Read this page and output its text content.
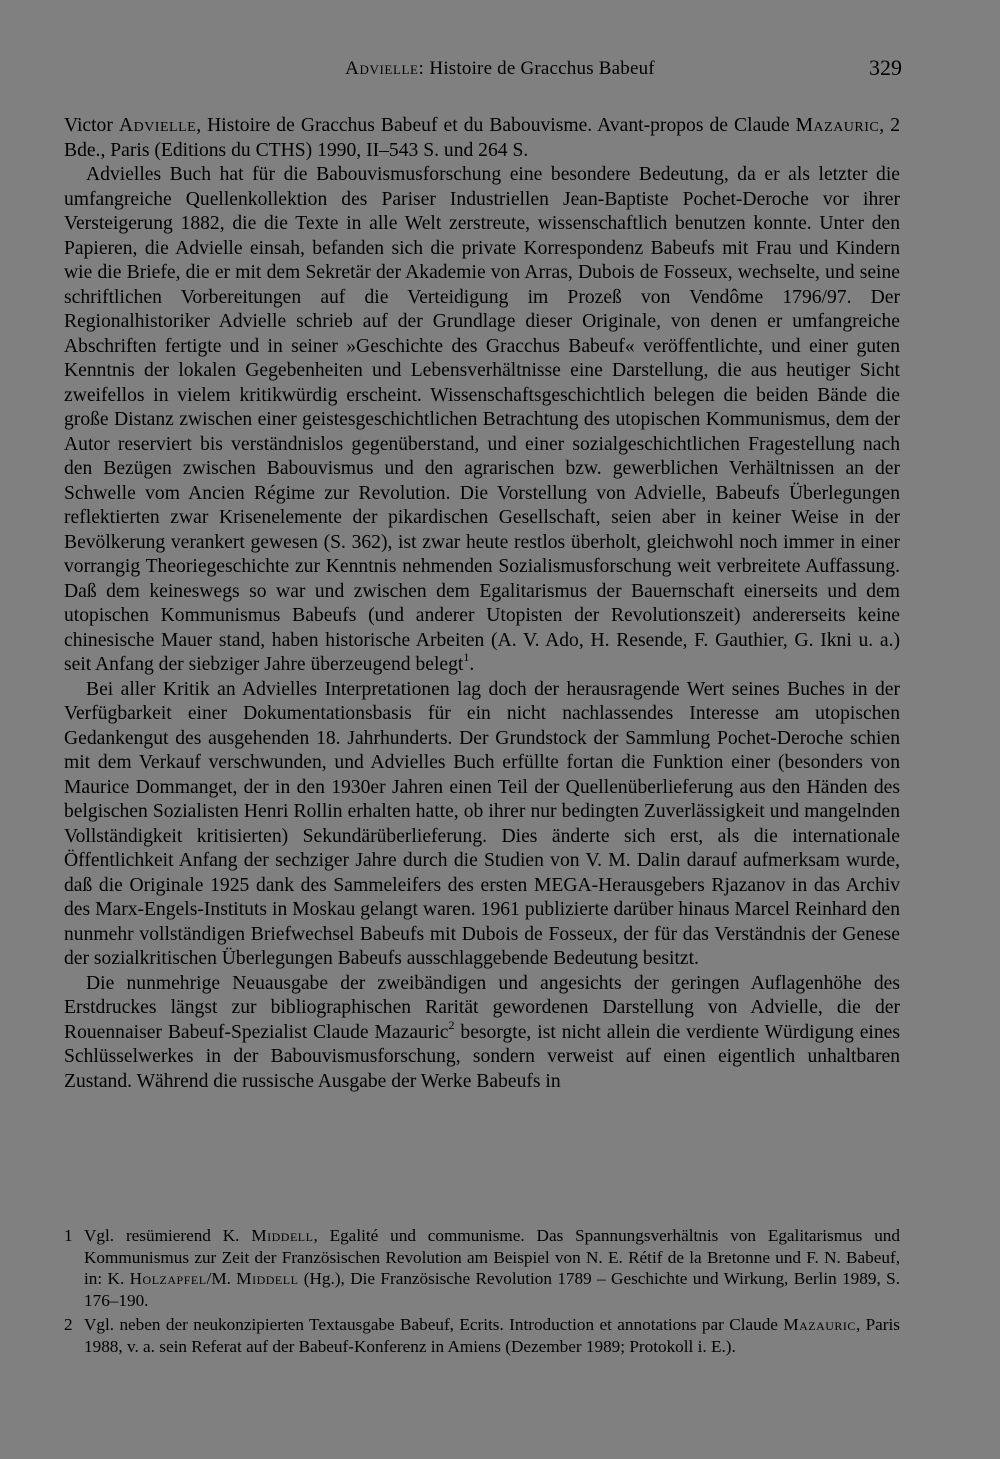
Advielle: Histoire de Gracchus Babeuf	329

Victor Advielle, Histoire de Gracchus Babeuf et du Babouvisme. Avant-propos de Claude Mazauric, 2 Bde., Paris (Editions du CTHS) 1990, II–543 S. und 264 S.

Advielles Buch hat für die Babouvismusforschung eine besondere Bedeutung, da er als letzter die umfangreiche Quellenkollektion des Pariser Industriellen Jean-Baptiste Pochet-Deroche vor ihrer Versteigerung 1882, die die Texte in alle Welt zerstreute, wissenschaftlich benutzen konnte. Unter den Papieren, die Advielle einsah, befanden sich die private Korrespondenz Babeufs mit Frau und Kindern wie die Briefe, die er mit dem Sekretär der Akademie von Arras, Dubois de Fosseux, wechselte, und seine schriftlichen Vorbereitungen auf die Verteidigung im Prozeß von Vendôme 1796/97. Der Regionalhistoriker Advielle schrieb auf der Grundlage dieser Originale, von denen er umfangreiche Abschriften fertigte und in seiner »Geschichte des Gracchus Babeuf« veröffentlichte, und einer guten Kenntnis der lokalen Gegebenheiten und Lebensverhältnisse eine Darstellung, die aus heutiger Sicht zweifellos in vielem kritikwürdig erscheint. Wissenschaftsgeschichtlich belegen die beiden Bände die große Distanz zwischen einer geistesgeschichtlichen Betrachtung des utopischen Kommunismus, dem der Autor reserviert bis verständnislos gegenüberstand, und einer sozialgeschichtlichen Fragestellung nach den Bezügen zwischen Babouvismus und den agrarischen bzw. gewerblichen Verhältnissen an der Schwelle vom Ancien Régime zur Revolution. Die Vorstellung von Advielle, Babeufs Überlegungen reflektierten zwar Krisenelemente der pikardischen Gesellschaft, seien aber in keiner Weise in der Bevölkerung verankert gewesen (S. 362), ist zwar heute restlos überholt, gleichwohl noch immer in einer vorrangig Theoriegeschichte zur Kenntnis nehmenden Sozialismusforschung weit verbreitete Auffassung. Daß dem keineswegs so war und zwischen dem Egalitarismus der Bauernschaft einerseits und dem utopischen Kommunismus Babeufs (und anderer Utopisten der Revolutionszeit) andererseits keine chinesische Mauer stand, haben historische Arbeiten (A. V. Ado, H. Resende, F. Gauthier, G. Ikni u. a.) seit Anfang der siebziger Jahre überzeugend belegt$^1$.

Bei aller Kritik an Advielles Interpretationen lag doch der herausragende Wert seines Buches in der Verfügbarkeit einer Dokumentationsbasis für ein nicht nachlassendes Interesse am utopischen Gedankengut des ausgehenden 18. Jahrhunderts. Der Grundstock der Sammlung Pochet-Deroche schien mit dem Verkauf verschwunden, und Advielles Buch erfüllte fortan die Funktion einer (besonders von Maurice Dommanget, der in den 1930er Jahren einen Teil der Quellenüberlieferung aus den Händen des belgischen Sozialisten Henri Rollin erhalten hatte, ob ihrer nur bedingten Zuverlässigkeit und mangelnden Vollständigkeit kritisierten) Sekundärüberlieferung. Dies änderte sich erst, als die internationale Öffentlichkeit Anfang der sechziger Jahre durch die Studien von V. M. Dalin darauf aufmerksam wurde, daß die Originale 1925 dank des Sammeleifers des ersten MEGA-Herausgebers Rjazanov in das Archiv des Marx-Engels-Instituts in Moskau gelangt waren. 1961 publizierte darüber hinaus Marcel Reinhard den nunmehr vollständigen Briefwechsel Babeufs mit Dubois de Fosseux, der für das Verständnis der Genese der sozialkritischen Überlegungen Babeufs ausschlaggebende Bedeutung besitzt.

Die nunmehrige Neuausgabe der zweibändigen und angesichts der geringen Auflagenhöhe des Erstdruckes längst zur bibliographischen Rarität gewordenen Darstellung von Advielle, die der Rouennaiser Babeuf-Spezialist Claude Mazauric$^2$ besorgte, ist nicht allein die verdiente Würdigung eines Schlüsselwerkes in der Babouvismusforschung, sondern verweist auf einen eigentlich unhaltbaren Zustand. Während die russische Ausgabe der Werke Babeufs in

1 Vgl. resümierend K. Middell, Egalité und communisme. Das Spannungsverhältnis von Egalitarismus und Kommunismus zur Zeit der Französischen Revolution am Beispiel von N. E. Rétif de la Bretonne und F. N. Babeuf, in: K. Holzapfel/M. Middell (Hg.), Die Französische Revolution 1789 – Geschichte und Wirkung, Berlin 1989, S. 176–190.
2 Vgl. neben der neukonzipierten Textausgabe Babeuf, Ecrits. Introduction et annotations par Claude Mazauric, Paris 1988, v. a. sein Referat auf der Babeuf-Konferenz in Amiens (Dezember 1989; Protokoll i. E.).
